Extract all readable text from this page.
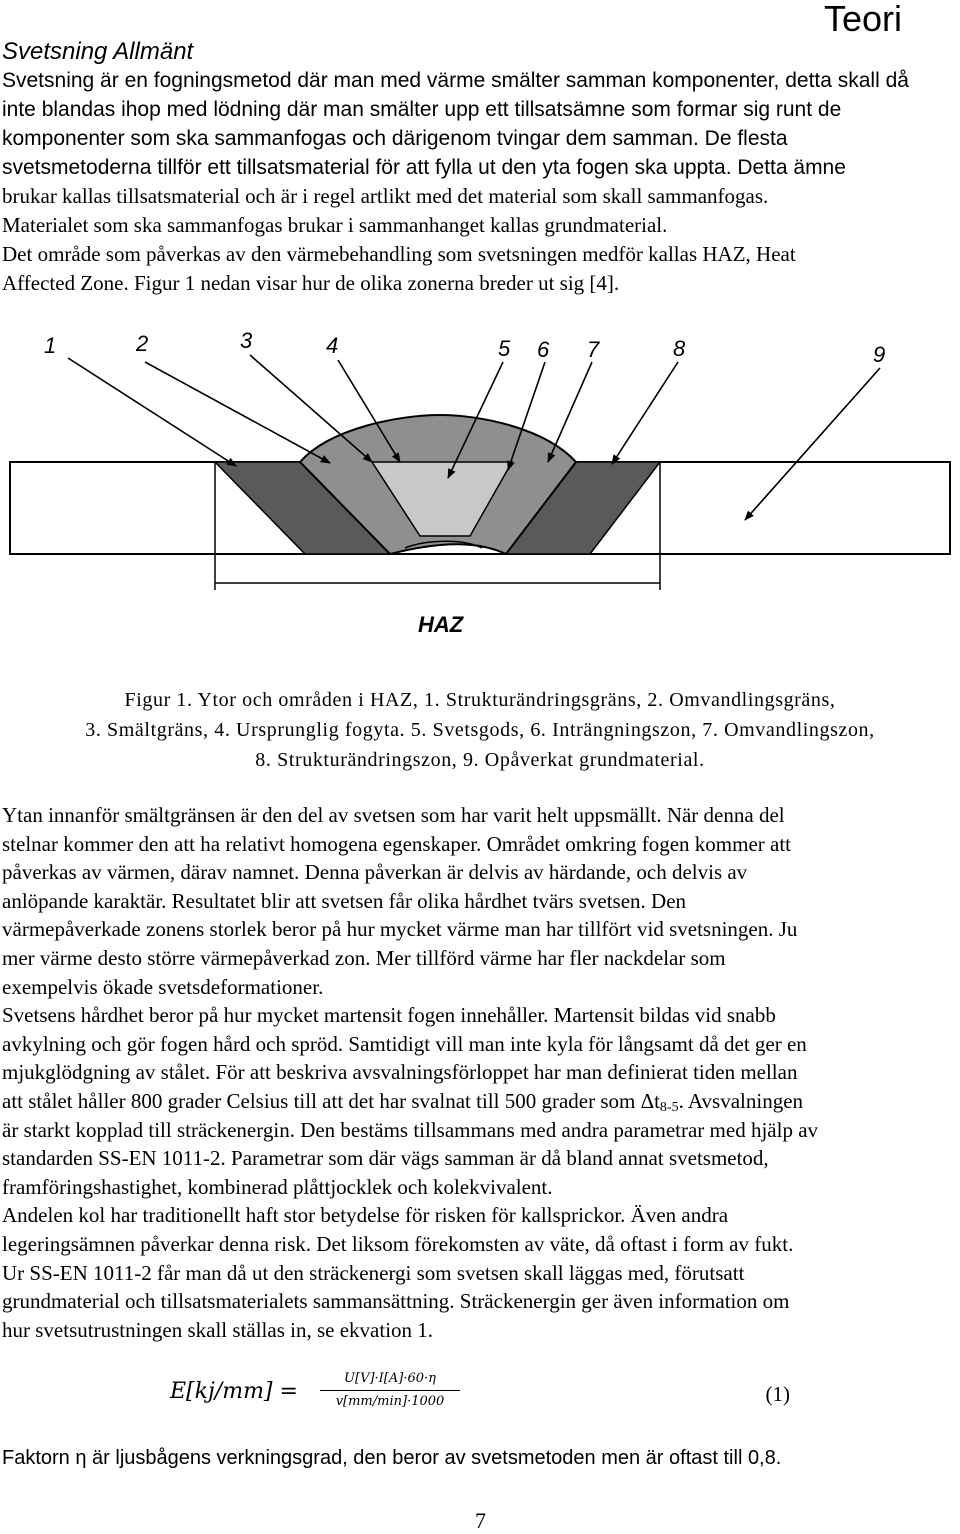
Teori
Svetsning Allmänt
Svetsning är en fogningsmetod där man med värme smälter samman komponenter, detta skall då
inte blandas ihop med lödning där man smälter upp ett tillsatsämne som formar sig runt de
komponenter som ska sammanfogas och därigenom tvingar dem samman. De flesta
svetsmetoderna tillför ett tillsatsmaterial för att fylla ut den yta fogen ska uppta. Detta ämne
brukar kallas tillsatsmaterial och är i regel artlikt med det material som skall sammanfogas.
Materialet som ska sammanfogas brukar i sammanhanget kallas grundmaterial.
Det område som påverkas av den värmebehandling som svetsningen medför kallas HAZ, Heat
Affected Zone. Figur 1 nedan visar hur de olika zonerna breder ut sig [4].
1	2	3	4	5 6 7	8	9
HAZ
Figur 1. Ytor och områden i HAZ, 1. Strukturändringsgräns, 2. Omvandlingsgräns,
3. Smältgräns, 4. Ursprunglig fogyta. 5. Svetsgods, 6. Inträngningszon, 7. Omvandlingszon,
8. Strukturändringszon, 9. Opåverkat grundmaterial.
Ytan innanför smältgränsen är den del av svetsen som har varit helt uppsmällt. När denna del
stelnar kommer den att ha relativt homogena egenskaper. Området omkring fogen kommer att
påverkas av värmen, därav namnet. Denna påverkan är delvis av härdande, och delvis av
anlöpande karaktär. Resultatet blir att svetsen får olika hårdhet tvärs svetsen. Den
värmepåverkade zonens storlek beror på hur mycket värme man har tillfört vid svetsningen. Ju
mer värme desto större värmepåverkad zon. Mer tillförd värme har fler nackdelar som
exempelvis ökade svetsdeformationer.
Svetsens hårdhet beror på hur mycket martensit fogen innehåller. Martensit bildas vid snabb
avkylning och gör fogen hård och spröd. Samtidigt vill man inte kyla för långsamt då det ger en
mjukglödgning av stålet. För att beskriva avsvalningsförloppet har man definierat tiden mellan
att stålet håller 800 grader Celsius till att det har svalnat till 500 grader som $\Delta t_{8-5}$. Avsvalningen
är starkt kopplad till sträckenergin. Den bestäms tillsammans med andra parametrar med hjälp av
standarden SS-EN 1011-2. Parametrar som där vägs samman är då bland annat svetsmetod,
framföringshastighet, kombinerad plåttjocklek och kolekvivalent.
Andelen kol har traditionellt haft stor betydelse för risken för kallsprickor. Även andra
legeringsämnen påverkar denna risk. Det liksom förekomsten av väte, då oftast i form av fukt.
Ur SS-EN 1011-2 får man då ut den sträckenergi som svetsen skall läggas med, förutsatt
grundmaterial och tillsatsmaterialets sammansättning. Sträckenergin ger även information om
hur svetsutrustningen skall ställas in, se ekvation 1.
E[kj/mm] =
U[V]·I[A]·60·η
v[mm/min]·1000	(1)
Faktorn η är ljusbågens verkningsgrad, den beror av svetsmetoden men är oftast till 0,8.
7
